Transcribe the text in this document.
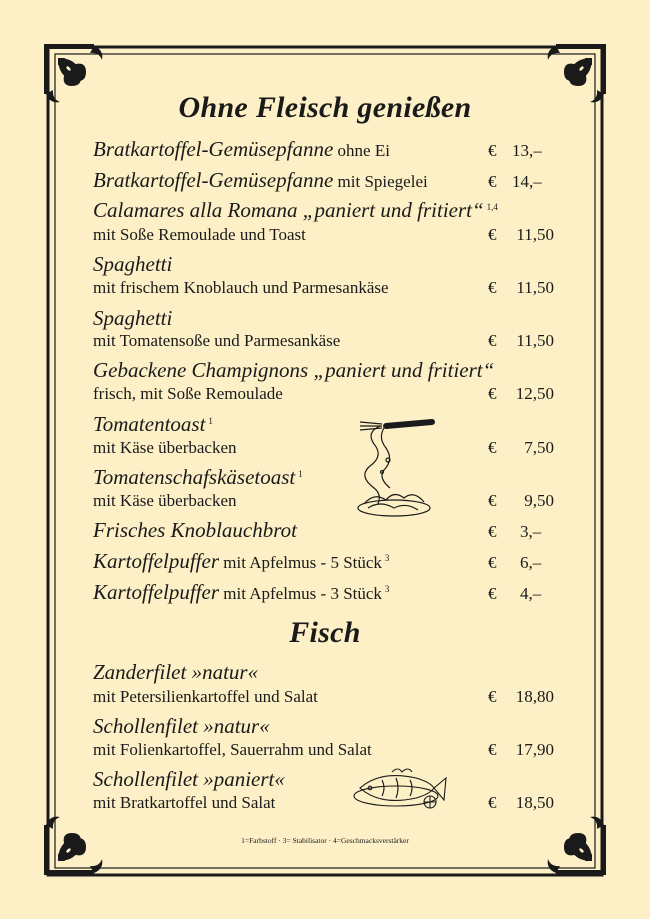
Ohne Fleisch genießen
Bratkartoffel-Gemüsepfanne ohne Ei	€ 13,–
Bratkartoffel-Gemüsepfanne mit Spiegelei	€ 14,–
Calamares alla Romana „paniert und fritiert“ $^{1,4}$
mit Soße Remoulade und Toast	€	11,50
Spaghetti
mit frischem Knoblauch und Parmesankäse	€	11,50
Spaghetti
mit Tomatensoße und Parmesankäse	€	11,50
Gebackene Champignons „paniert und fritiert“
frisch, mit Soße Remoulade	€	12,50
Tomatentoast $^1$
mit Käse überbacken	€	7,50
Tomatenschafskäsetoast $^1$
mit Käse überbacken	€	9,50
Frisches Knoblauchbrot	€ 3,–
Kartoffelpuffer mit Apfelmus - 5 Stück $^3$	€ 6,–
Kartoffelpuffer mit Apfelmus - 3 Stück $^3$	€ 4,–
Fisch
Zanderfilet »natur«
mit Petersilienkartoffel und Salat	€	18,80
Schollenfilet »natur«
mit Folienkartoffel, Sauerrahm und Salat	€	17,90
Schollenfilet »paniert«
mit Bratkartoffel und Salat	€	18,50
1=Farbstoff · 3= Stabilisator · 4=Geschmacksverstärker
